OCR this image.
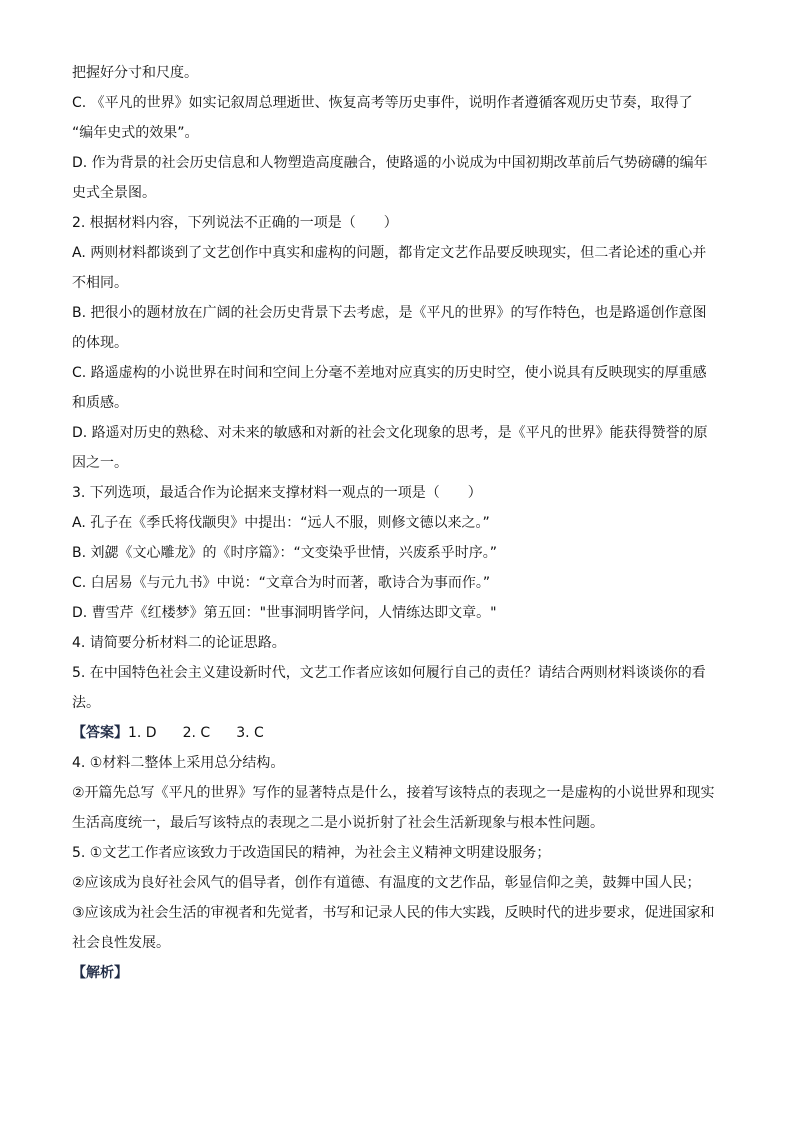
把握好分寸和尺度。
C. 《平凡的世界》如实记叙周总理逝世、恢复高考等历史事件，说明作者遵循客观历史节奏，取得了
“编年史式的效果”。
D. 作为背景的社会历史信息和人物塑造高度融合，使路遥的小说成为中国初期改革前后气势磅礴的编年
史式全景图。
2. 根据材料内容，下列说法不正确的一项是（　　）
A. 两则材料都谈到了文艺创作中真实和虚构的问题，都肯定文艺作品要反映现实，但二者论述的重心并
不相同。
B. 把很小的题材放在广阔的社会历史背景下去考虑，是《平凡的世界》的写作特色，也是路遥创作意图
的体现。
C. 路遥虚构的小说世界在时间和空间上分毫不差地对应真实的历史时空，使小说具有反映现实的厚重感
和质感。
D. 路遥对历史的熟稔、对未来的敏感和对新的社会文化现象的思考，是《平凡的世界》能获得赞誉的原
因之一。
3. 下列选项，最适合作为论据来支撑材料一观点的一项是（　　）
A. 孔子在《季氏将伐颛臾》中提出：“远人不服，则修文德以来之。”
B. 刘勰《文心雕龙》的《时序篇》：“文变染乎世情，兴废系乎时序。”
C. 白居易《与元九书》中说：“文章合为时而著，歌诗合为事而作。”
D. 曹雪芹《红楼梦》第五回："世事洞明皆学问，人情练达即文章。"
4. 请简要分析材料二的论证思路。
5. 在中国特色社会主义建设新时代，文艺工作者应该如何履行自己的责任？请结合两则材料谈谈你的看
法。
【答案】1. D 2. C 3. C
4. ①材料二整体上采用总分结构。
②开篇先总写《平凡的世界》写作的显著特点是什么，接着写该特点的表现之一是虚构的小说世界和现实
生活高度统一，最后写该特点的表现之二是小说折射了社会生活新现象与根本性问题。
5. ①文艺工作者应该致力于改造国民的精神，为社会主义精神文明建设服务；
②应该成为良好社会风气的倡导者，创作有道德、有温度的文艺作品，彰显信仰之美，鼓舞中国人民；
③应该成为社会生活的审视者和先觉者，书写和记录人民的伟大实践，反映时代的进步要求，促进国家和
社会良性发展。
【解析】
